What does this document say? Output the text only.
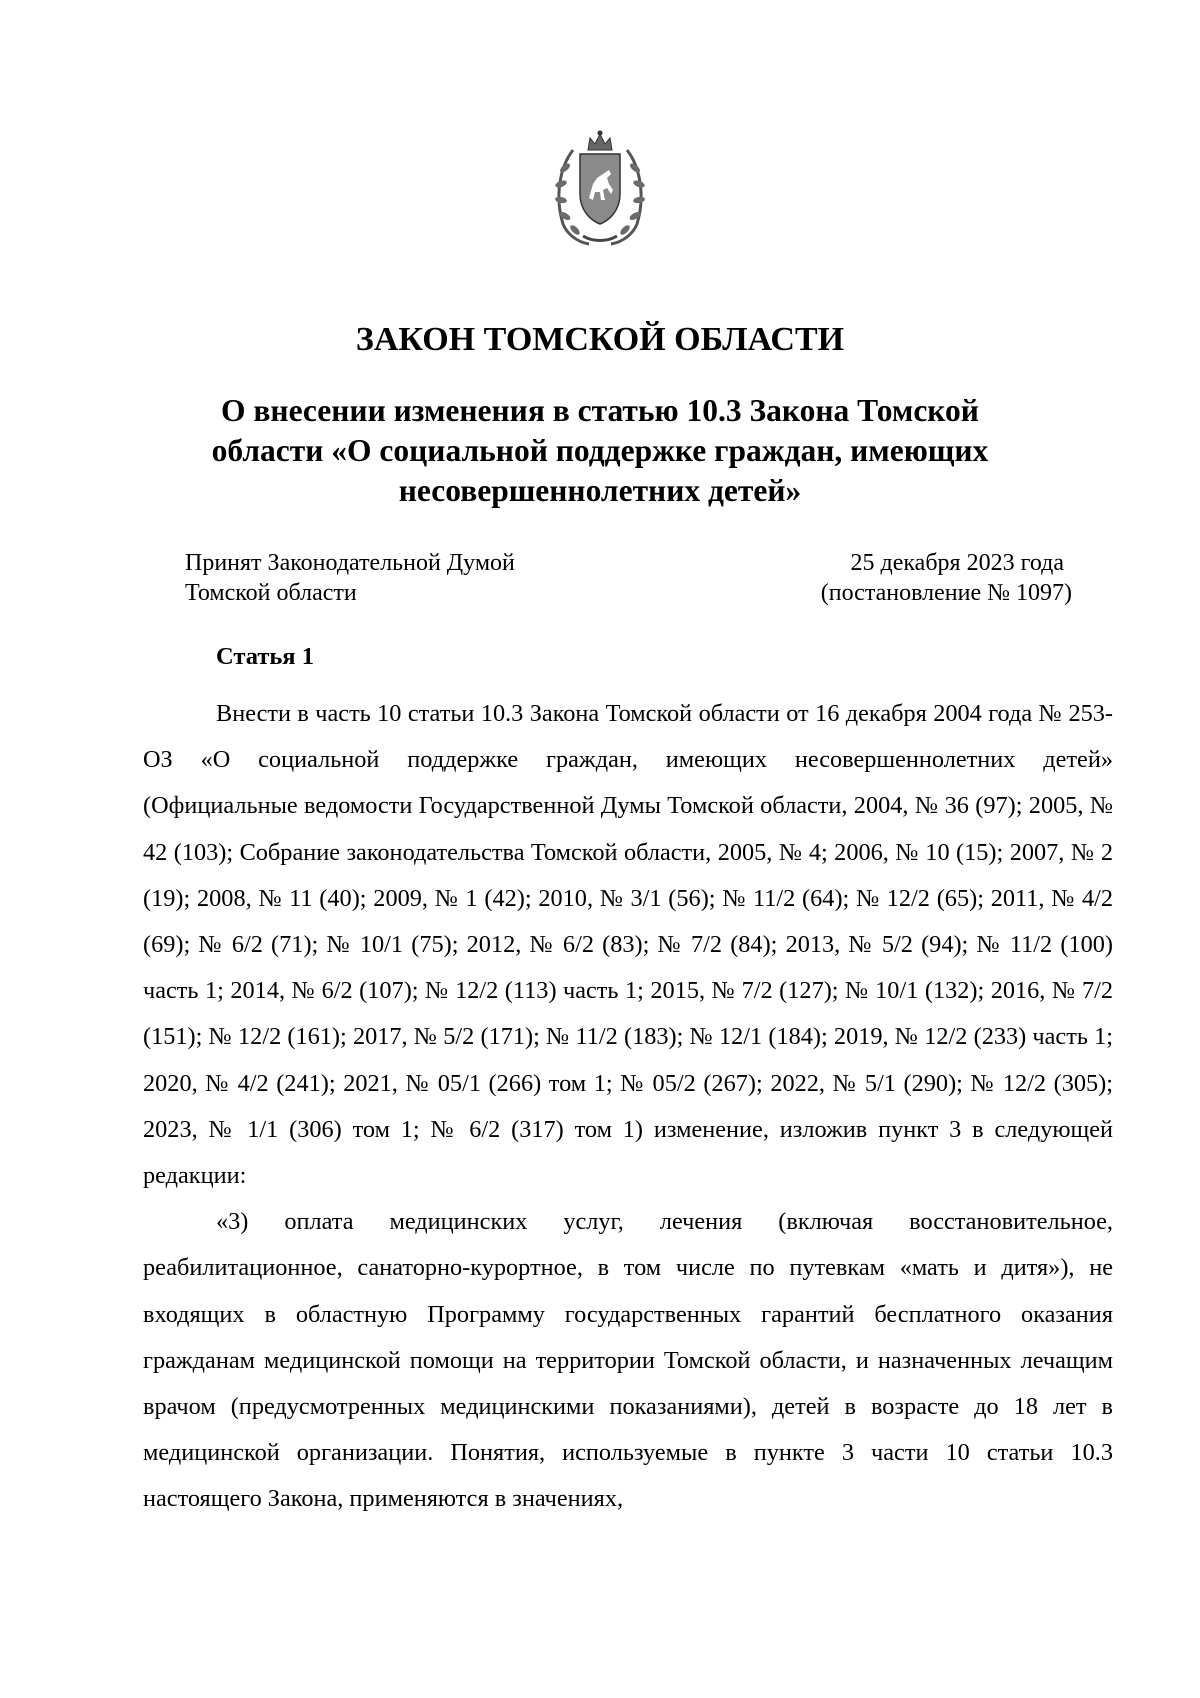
ЗАКОН ТОМСКОЙ ОБЛАСТИ
О внесении изменения в статью 10.3 Закона Томской
области «О социальной поддержке граждан, имеющих
несовершеннолетних детей»
Принят Законодательной Думой
Томской области
25 декабря 2023 года
(постановление № 1097)
Статья 1

Внести в часть 10 статьи 10.3 Закона Томской области от 16 декабря 2004 года № 253-ОЗ «О социальной поддержке граждан, имеющих несовершеннолетних детей» (Официальные ведомости Государственной Думы Томской области, 2004, № 36 (97); 2005, № 42 (103); Собрание законодательства Томской области, 2005, № 4; 2006, № 10 (15); 2007, № 2 (19); 2008, № 11 (40); 2009, № 1 (42); 2010, № 3/1 (56); № 11/2 (64); № 12/2 (65); 2011, № 4/2 (69); № 6/2 (71); № 10/1 (75); 2012, № 6/2 (83); № 7/2 (84); 2013, № 5/2 (94); № 11/2 (100) часть 1; 2014, № 6/2 (107); № 12/2 (113) часть 1; 2015, № 7/2 (127); № 10/1 (132); 2016, № 7/2 (151); № 12/2 (161); 2017, № 5/2 (171); № 11/2 (183); № 12/1 (184); 2019, № 12/2 (233) часть 1; 2020, № 4/2 (241); 2021, № 05/1 (266) том 1; № 05/2 (267); 2022, № 5/1 (290); № 12/2 (305); 2023, № 1/1 (306) том 1; № 6/2 (317) том 1) изменение, изложив пункт 3 в следующей редакции:

«3) оплата медицинских услуг, лечения (включая восстановительное, реабилитационное, санаторно-курортное, в том числе по путевкам «мать и дитя»), не входящих в областную Программу государственных гарантий бесплатного оказания гражданам медицинской помощи на территории Томской области, и назначенных лечащим врачом (предусмотренных медицинскими показаниями), детей в возрасте до 18 лет в медицинской организации. Понятия, используемые в пункте 3 части 10 статьи 10.3 настоящего Закона, применяются в значениях,
